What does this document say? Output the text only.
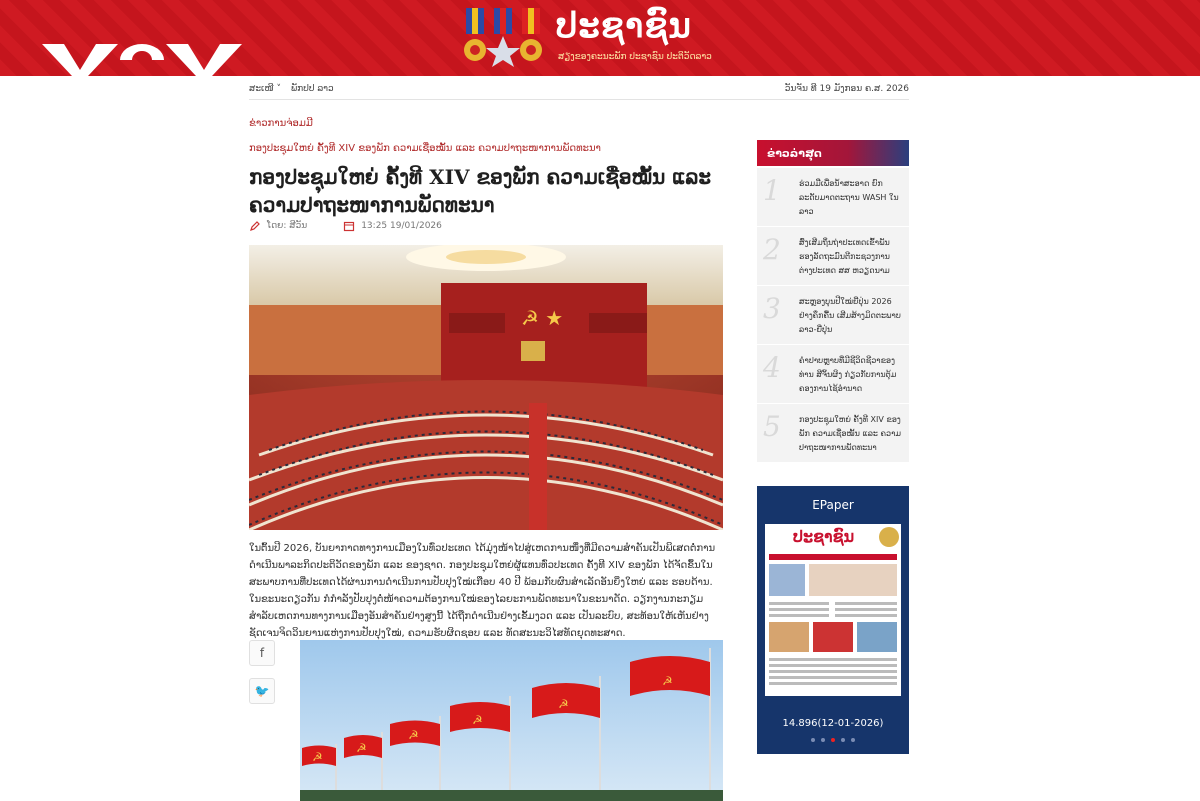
ປະຊາຊົນ
ສຽງຂອງຄະນະພັກ ປະຊາຊົນ ປະຕິວັດລາວ
ສະເໜີ ˅ ພັກປປ ລາວ	ວັນຈັນ ທີ 19 ມັງກອນ ຄ.ສ. 2026
ຂ່າວການຈ່ອມມີ
ກອງປະຊຸມໃຫຍ່ ຄັ້ງທີ XIV ຂອງພັກ ຄວາມເຊື່ອໝັ້ນ ແລະ ຄວາມປາຖະໜາການພັດທະນາ
ກອງປະຊຸມໃຫຍ່ ຄັ້ງທີ XIV ຂອງພັກ ຄວາມເຊື່ອໝັ້ນ ແລະ ຄວາມປາຖະໜາການພັດທະນາ
ໂດຍ: ສີວັນ	13:25 19/01/2026
☭ ★

ໃນຕົ້ນປີ 2026, ບັນຍາກາດທາງການເມືອງໃນທົ່ວປະເທດ ໄດ້ມຸ່ງໜ້າໄປສູ່ເຫດການໜຶ່ງທີ່ມີຄວາມສຳຄັນເປັນພິເສດຕໍ່ການດຳເນີນພາລະກິດປະຕິວັດຂອງພັກ ແລະ ຂອງຊາດ. ກອງປະຊຸມໃຫຍ່ຜູ້ແທນທົ່ວປະເທດ ຄັ້ງທີ XIV ຂອງພັກ ໄດ້ຈັດຂຶ້ນໃນສະພາບການທີ່ປະເທດໄດ້ຜ່ານການດຳເນີນການປັບປຸງໃໝ່ເກືອບ 40 ປີ ພ້ອມກັບຜົນສຳເລັດອັນຍິ່ງໃຫຍ່ ແລະ ຮອບດ້ານ. ໃນຂະນະດຽວກັນ ກໍກຳລັງປັບປຸງຕໍ່ໜ້າຄວາມຕ້ອງການໃໝ່ຂອງໄລຍະການພັດທະນາໃນຂະນາດັດ. ວຽກງານກະກຽມສຳລັບເຫດການທາງການເມືອງອັນສຳຄັນຢ່າງສູງນີ້ ໄດ້ຖືກດຳເນີນຢ່າງເຂັ້ມງວດ ແລະ ເປັນລະບົບ, ສະທ້ອນໃຫ້ເຫັນຢ່າງຊັດເຈນຈິດວິນຍານແຫ່ງການປັບປຸງໃໝ່, ຄວາມຮັບຜິດຊອບ ແລະ ທັດສະນະວິໄສທັດຍຸດທະສາດ.

f
🐦
☭
☭
☭
☭
☭
☭
ຂ່າວລ່າສຸດ
1 ຮ່ວມມືເພື່ອນ້ຳສະອາດ ຍົກລະດັບມາດຕະຖານ WASH ໃນລາວ
2 ສົ່ງເສີມຖິ່ນຖ່າປະເທດເຂົ້າພັນຮອງລັດຖະມົນຕີກະຊວງການຕ່າງປະເທດ ສສ ຫວຽດນາມ
3 ສະຫຼອງບຸນປີໃໝ່ຍີ່ປຸ່ນ 2026 ຢ່າງຄຶກຄື້ນ ເສີມສ້າງມິດຕະພາບລາວ-ຍີ່ປຸ່ນ
4 ຄຳປາບຫຼາບທີ່ມີຊີວິດຊີວາຂອງທ່ານ ສີຈິ້ນຜິງ ກ່ຽວກັບການຕຸ້ມຄອງການໄຊ້ອຳນາດ
5 ກອງປະຊຸມໃຫຍ່ ຄັ້ງທີ XIV ຂອງພັກ ຄວາມເຊື່ອໝັ້ນ ແລະ ຄວາມປາຖະໜາການພັດທະນາ
EPaper
ປະຊາຊົນ
14.896(12-01-2026)
